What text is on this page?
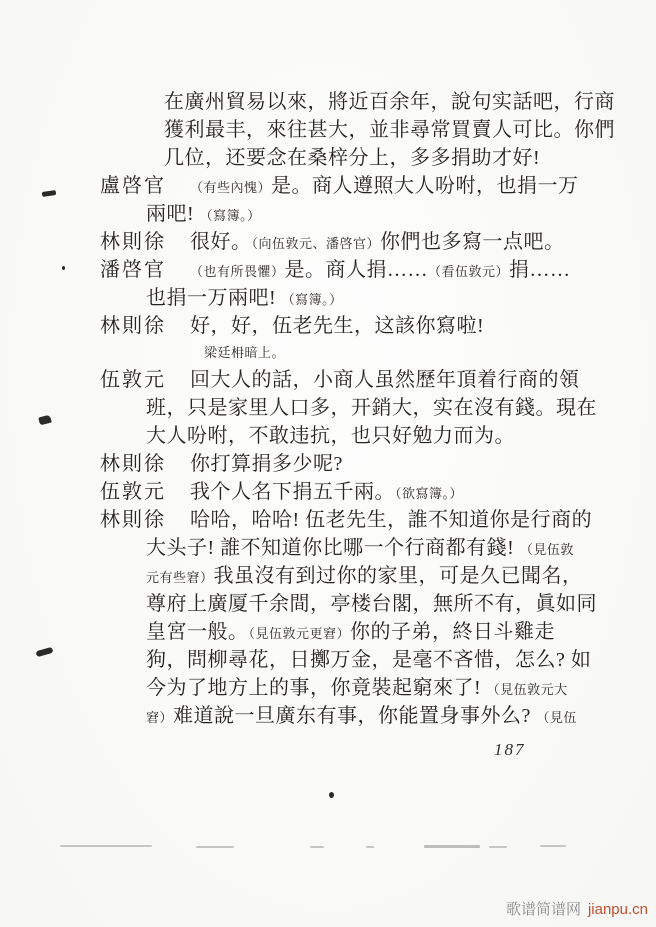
在廣州貿易以來，將近百余年，說句实話吧，行商
獲利最丰，來往甚大，並非尋常買賣人可比。你們
几位，还要念在桑梓分上，多多捐助才好!
盧啓官 （有些內愧）是。商人遵照大人吩咐，也捐一万
兩吧! （寫簿。）
林則徐 很好。（向伍敦元、潘啓官）你們也多寫一点吧。
潘啓官 （也有所畏懼）是。商人捐……（看伍敦元）捐……
也捐一万兩吧! （寫簿。）
林則徐 好，好，伍老先生，这該你寫啦!
梁廷枏暗上。
伍敦元 回大人的話，小商人虽然歷年頂着行商的領
班，只是家里人口多，开銷大，实在沒有錢。現在
大人吩咐，不敢违抗，也只好勉力而为。
林則徐 你打算捐多少呢?
伍敦元 我个人名下捐五千兩。（欲寫簿。）
林則徐 哈哈，哈哈! 伍老先生，誰不知道你是行商的
大头子! 誰不知道你比哪一个行商都有錢! （見伍敦
元有些窘）我虽沒有到过你的家里，可是久已聞名，
尊府上廣厦千余間，亭楼台閣，無所不有，眞如同
皇宮一般。（見伍敦元更窘）你的子弟，終日斗雞走
狗，問柳尋花，日擲万金，是毫不吝惜，怎么? 如
今为了地方上的事，你竟裝起窮來了! （見伍敦元大
窘）难道說一旦廣东有事，你能置身事外么? （見伍
187
歌谱简谱网 jianpu.cn
